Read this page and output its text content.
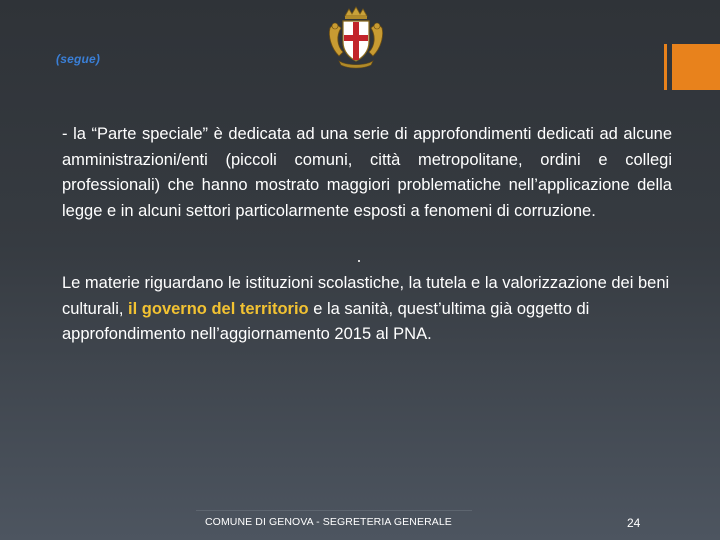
(segue)
- la “Parte speciale” è dedicata ad una serie di approfondimenti dedicati ad alcune amministrazioni/enti (piccoli comuni, città metropolitane, ordini e collegi professionali) che hanno mostrato maggiori problematiche nell’applicazione della legge e in alcuni settori particolarmente esposti a fenomeni di corruzione.
Le materie riguardano le istituzioni scolastiche, la tutela e la valorizzazione dei beni culturali, il governo del territorio e la sanità, quest’ultima già oggetto di approfondimento nell’aggiornamento 2015 al PNA.
COMUNE DI GENOVA - SEGRETERIA GENERALE	24
